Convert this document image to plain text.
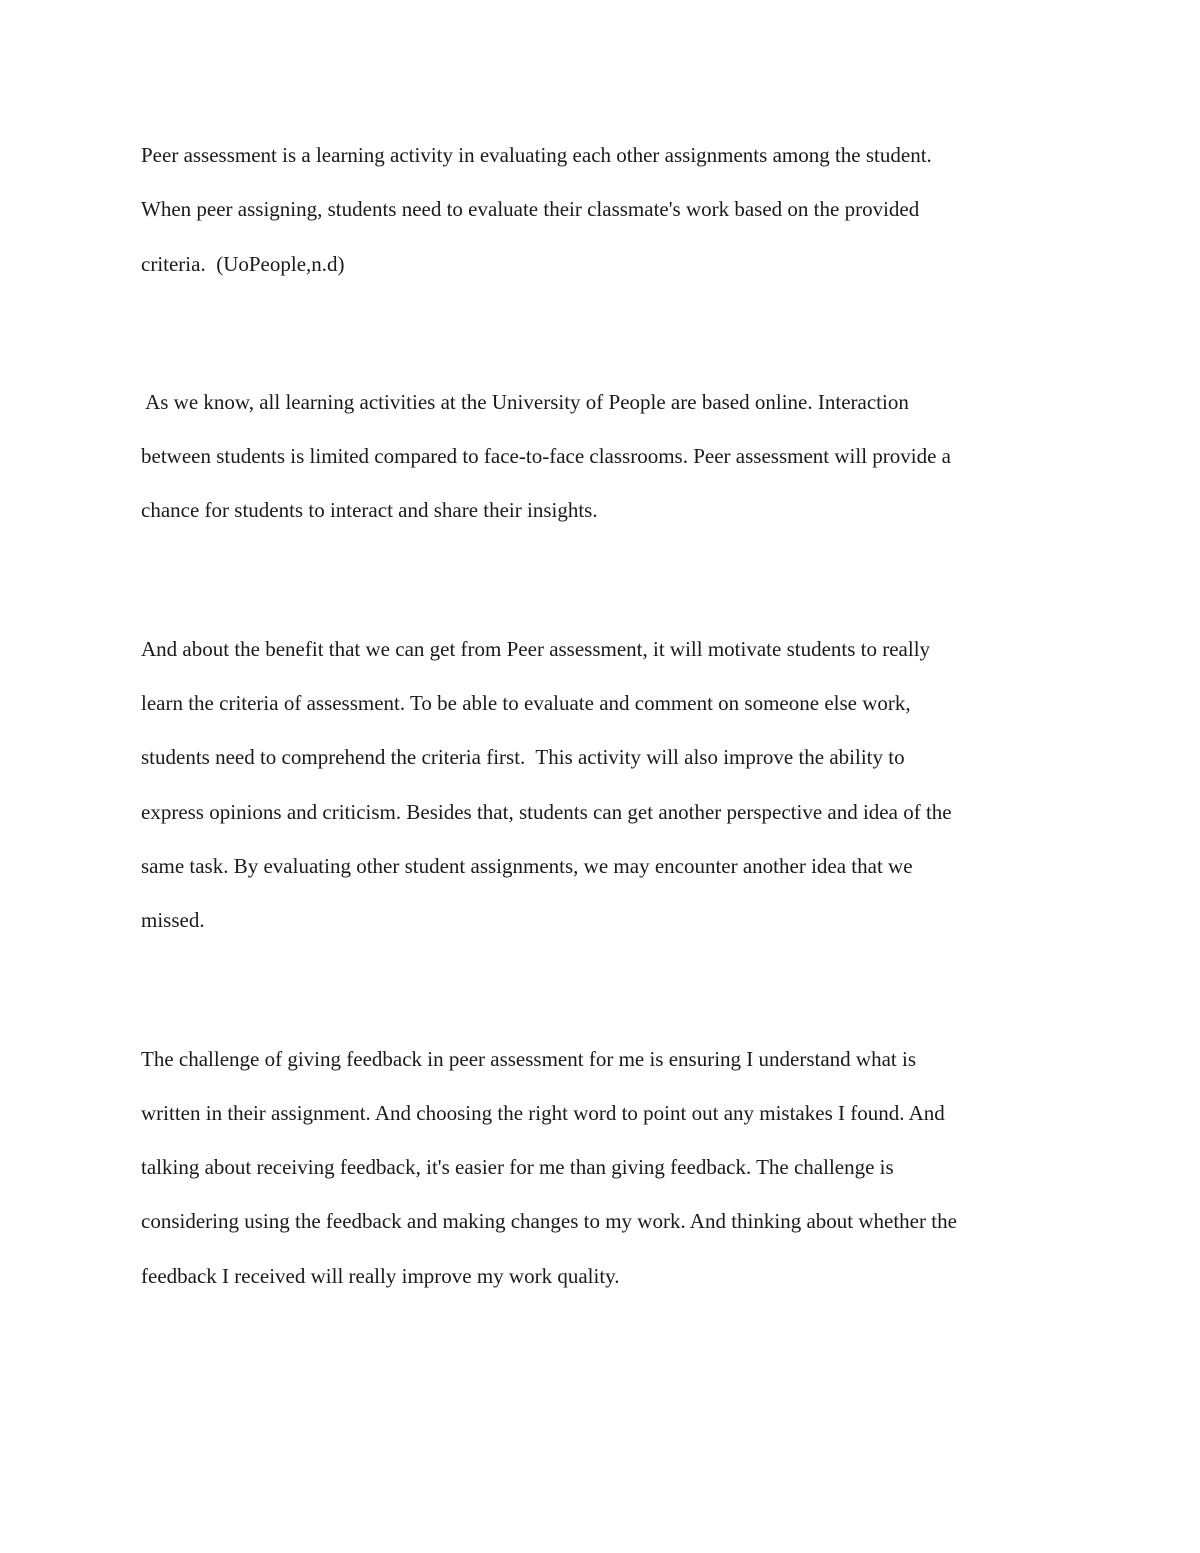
Peer assessment is a learning activity in evaluating each other assignments among the student.
When peer assigning, students need to evaluate their classmate's work based on the provided
criteria.  (UoPeople,n.d)

As we know, all learning activities at the University of People are based online. Interaction
between students is limited compared to face-to-face classrooms. Peer assessment will provide a
chance for students to interact and share their insights.

And about the benefit that we can get from Peer assessment, it will motivate students to really
learn the criteria of assessment. To be able to evaluate and comment on someone else work,
students need to comprehend the criteria first.  This activity will also improve the ability to
express opinions and criticism. Besides that, students can get another perspective and idea of the
same task. By evaluating other student assignments, we may encounter another idea that we
missed.

The challenge of giving feedback in peer assessment for me is ensuring I understand what is
written in their assignment. And choosing the right word to point out any mistakes I found. And
talking about receiving feedback, it's easier for me than giving feedback. The challenge is
considering using the feedback and making changes to my work. And thinking about whether the
feedback I received will really improve my work quality.
